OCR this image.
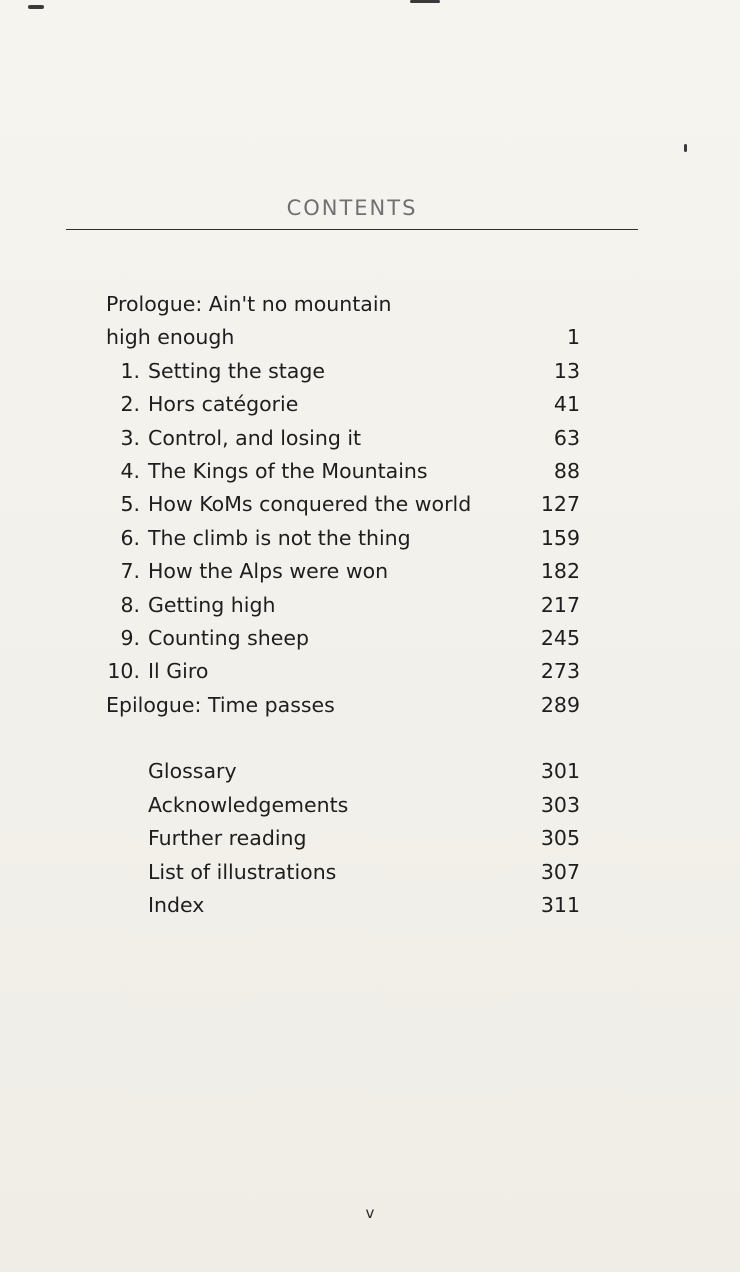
CONTENTS
Prologue: Ain't no mountain
high enough	1
1. Setting the stage	13
2. Hors catégorie	41
3. Control, and losing it	63
4. The Kings of the Mountains	88
5. How KoMs conquered the world	127
6. The climb is not the thing	159
7. How the Alps were won	182
8. Getting high	217
9. Counting sheep	245
10. Il Giro	273
Epilogue: Time passes	289
Glossary	301
Acknowledgements	303
Further reading	305
List of illustrations	307
Index	311
v
